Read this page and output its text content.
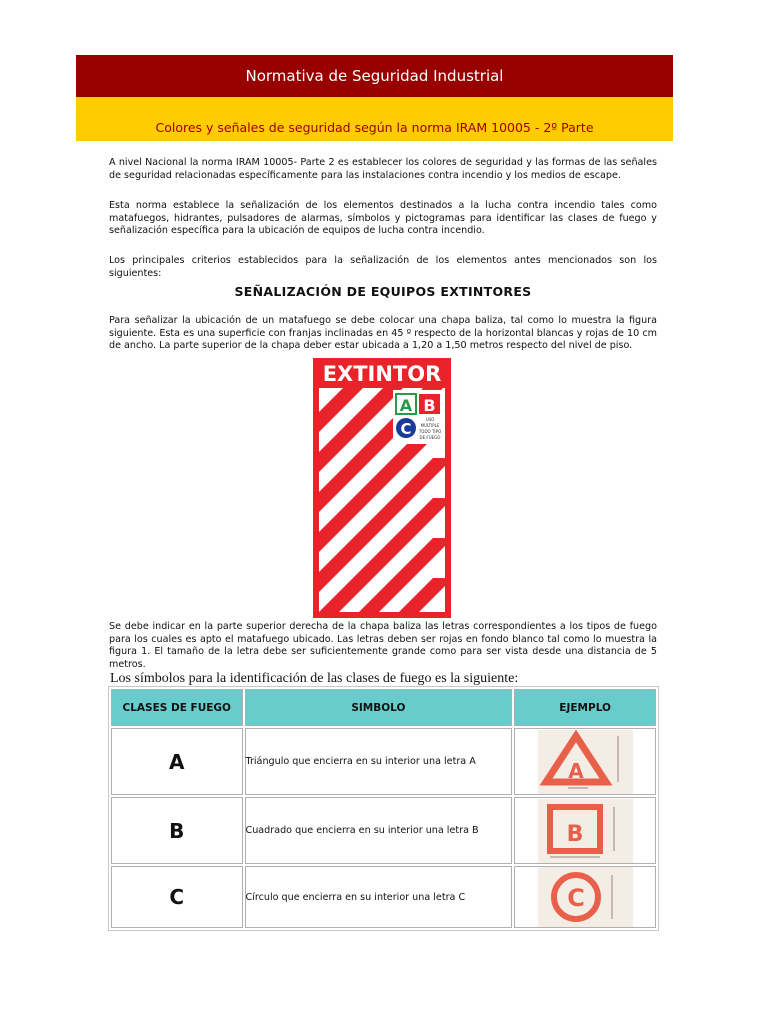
Normativa de Seguridad Industrial
Colores y señales de seguridad según la norma IRAM 10005 - 2º Parte
A nivel Nacional la norma IRAM 10005- Parte 2 es establecer los colores de seguridad y las formas de las señales de seguridad relacionadas específicamente para las instalaciones contra incendio y los medios de escape.
Esta norma establece la señalización de los elementos destinados a la lucha contra incendio tales como matafuegos, hidrantes, pulsadores de alarmas, símbolos y pictogramas para identificar las clases de fuego y señalización específica para la ubicación de equipos de lucha contra incendio.
Los principales criterios establecidos para la señalización de los elementos antes mencionados son los siguientes:
SEÑALIZACIÓN DE EQUIPOS EXTINTORES
Para señalizar la ubicación de un matafuego se debe colocar una chapa baliza, tal como lo muestra la figura siguiente. Esta es una superficie con franjas inclinadas en 45 º respecto de la horizontal blancas y rojas de 10 cm de ancho. La parte superior de la chapa deber estar ubicada a 1,20 a 1,50 metros respecto del nivel de piso.
EXTINTOR
A B
C
USO
MULTIPLE
TODO TIPO
DE FUEGO
Se debe indicar en la parte superior derecha de la chapa baliza las letras correspondientes a los tipos de fuego para los cuales es apto el matafuego ubicado. Las letras deben ser rojas en fondo blanco tal como lo muestra la figura 1. El tamaño de la letra debe ser suficientemente grande como para ser vista desde una distancia de 5 metros.
Los símbolos para la identificación de las clases de fuego es la siguiente:
CLASES DE FUEGO	SIMBOLO	EJEMPLO
A	Triángulo que encierra en su interior una letra A	A

B	Cuadrado que encierra en su interior una letra B	B

C	Círculo que encierra en su interior una letra C	C
